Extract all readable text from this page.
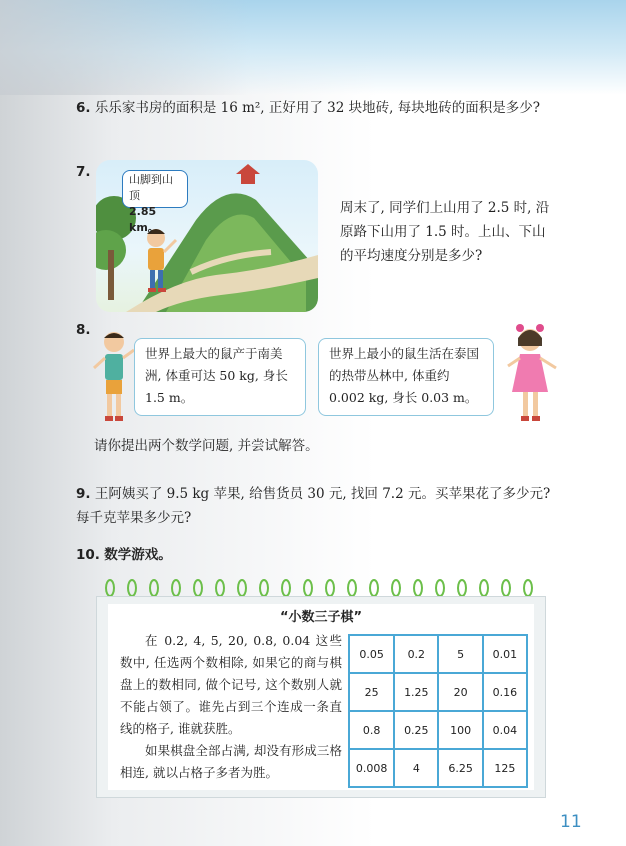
6. 乐乐家书房的面积是 16 m², 正好用了 32 块地砖, 每块地砖的面积是多少?
7.	山脚到山顶
2.85 km。
周末了, 同学们上山用了 2.5 时, 沿原路下山用了 1.5 时。上山、下山的平均速度分别是多少?
8.
世界上最大的鼠产于南美洲, 体重可达 50 kg, 身长 1.5 m。
世界上最小的鼠生活在泰国的热带丛林中, 体重约 0.002 kg, 身长 0.03 m。
请你提出两个数学问题, 并尝试解答。
9. 王阿姨买了 9.5 kg 苹果, 给售货员 30 元, 找回 7.2 元。买苹果花了多少元? 每千克苹果多少元?
10. 数学游戏。
“小数三子棋”
在 0.2, 4, 5, 20, 0.8, 0.04 这些数中, 任选两个数相除, 如果它的商与棋盘上的数相同, 做个记号, 这个数别人就不能占领了。谁先占到三个连成一条直线的格子, 谁就获胜。
如果棋盘全部占满, 却没有形成三格相连, 就以占格子多者为胜。
0.05	0.2	5	0.01
25	1.25	20	0.16
0.8	0.25	100	0.04
0.008	4	6.25	125
11
